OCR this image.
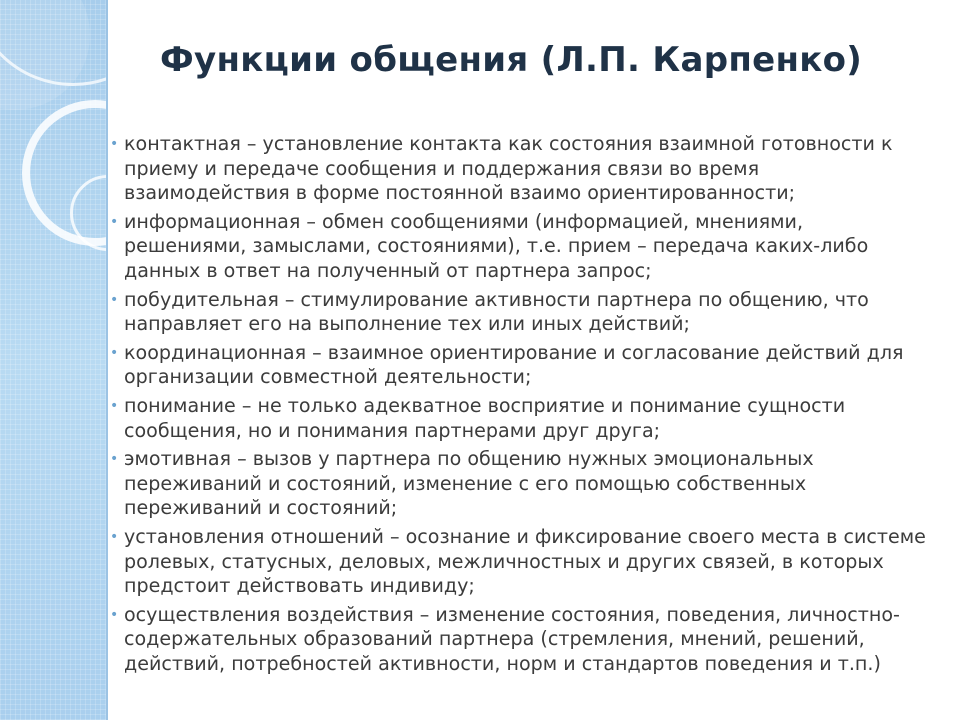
Функции общения (Л.П. Карпенко)
• контактная – установление контакта как состояния взаимной готовности к приему и передаче сообщения и поддержания связи во время взаимодействия в форме постоянной взаимо ориентированности;
• информационная – обмен сообщениями (информацией, мнениями, решениями, замыслами, состояниями), т.е. прием – передача каких-либо данных в ответ на полученный от партнера запрос;
• побудительная – стимулирование активности партнера по общению, что направляет его на выполнение тех или иных действий;
• координационная – взаимное ориентирование и согласование действий для организации совместной деятельности;
• понимание – не только адекватное восприятие и понимание сущности сообщения, но и понимания партнерами друг друга;
• эмотивная – вызов у партнера по общению нужных эмоциональных переживаний и состояний, изменение с его помощью собственных переживаний и состояний;
• установления отношений – осознание и фиксирование своего места в системе ролевых, статусных, деловых, межличностных и других связей, в которых предстоит действовать индивиду;
• осуществления воздействия – изменение состояния, поведения, личностно-содержательных образований партнера (стремления, мнений, решений, действий, потребностей активности, норм и стандартов поведения и т.п.)
